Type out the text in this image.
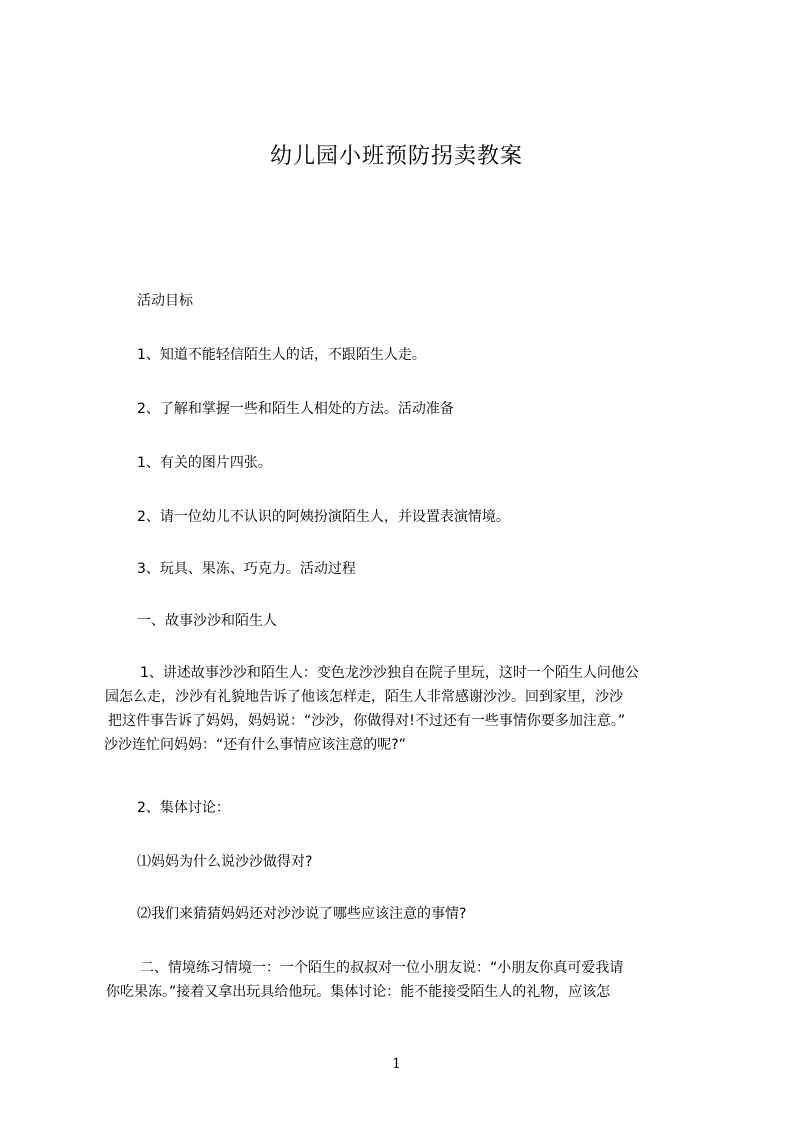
幼儿园小班预防拐卖教案
活动目标
1、知道不能轻信陌生人的话，不跟陌生人走。
2、了解和掌握一些和陌生人相处的方法。活动准备
1、有关的图片四张。
2、请一位幼儿不认识的阿姨扮演陌生人，并设置表演情境。
3、玩具、果冻、巧克力。活动过程
一、故事沙沙和陌生人
1、讲述故事沙沙和陌生人：变色龙沙沙独自在院子里玩，这时一个陌生人问他公
园怎么走，沙沙有礼貌地告诉了他该怎样走，陌生人非常感谢沙沙。回到家里，沙沙
把这件事告诉了妈妈，妈妈说：“沙沙，你做得对!不过还有一些事情你要多加注意。”
沙沙连忙问妈妈：“还有什么事情应该注意的呢?”
2、集体讨论：
⑴妈妈为什么说沙沙做得对?
⑵我们来猜猜妈妈还对沙沙说了哪些应该注意的事情?
二、情境练习情境一：一个陌生的叔叔对一位小朋友说：“小朋友你真可爱我请
你吃果冻。”接着又拿出玩具给他玩。集体讨论：能不能接受陌生人的礼物，应该怎
1
